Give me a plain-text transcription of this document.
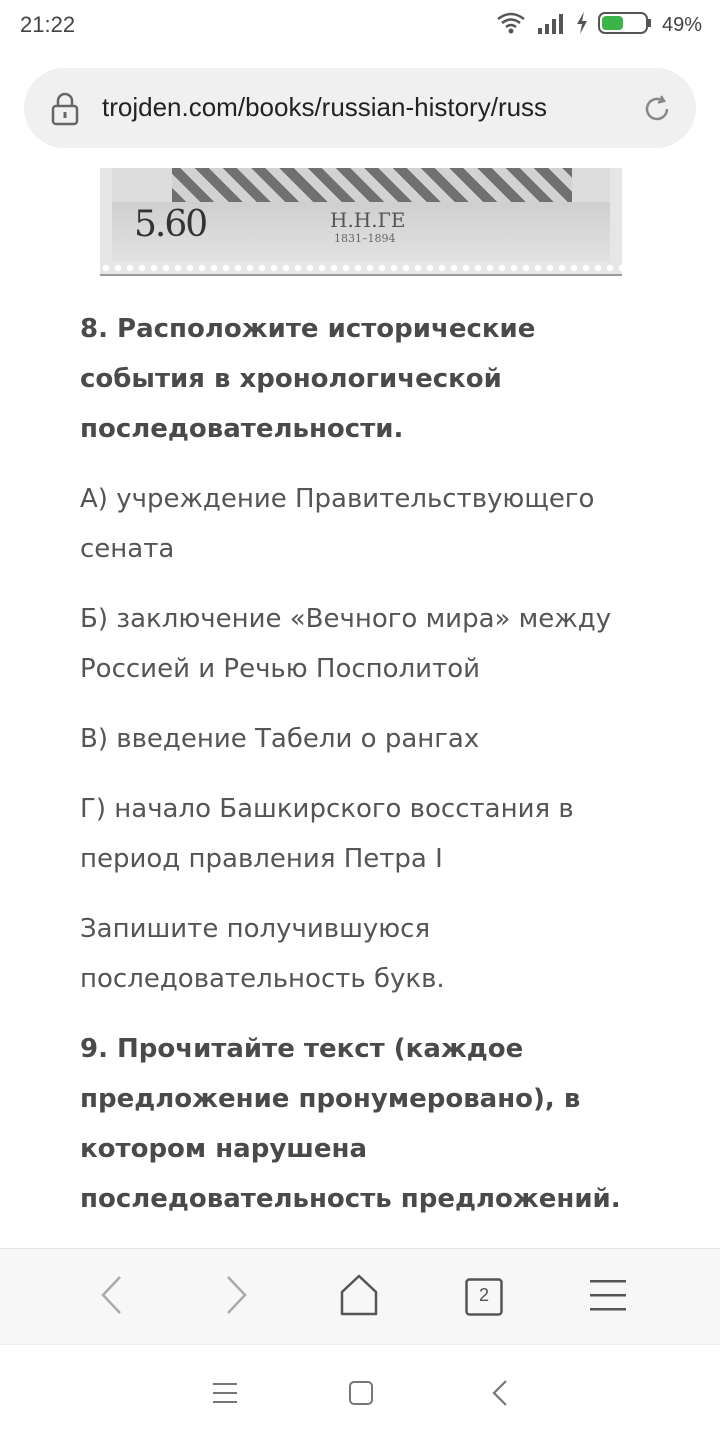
21:22	49%
trojden.com/books/russian-history/russ
5.60	Н.Н.ГЕ
1831–1894

8. Расположите исторические события в хронологической последовательности.

А) учреждение Правительствующего сената

Б) заключение «Вечного мира» между Россией и Речью Посполитой

В) введение Табели о рангах

Г) начало Башкирского восстания в период правления Петра I

Запишите получившуюся последовательность букв.

9. Прочитайте текст (каждое предложение пронумеровано), в котором нарушена последовательность предложений.

2
